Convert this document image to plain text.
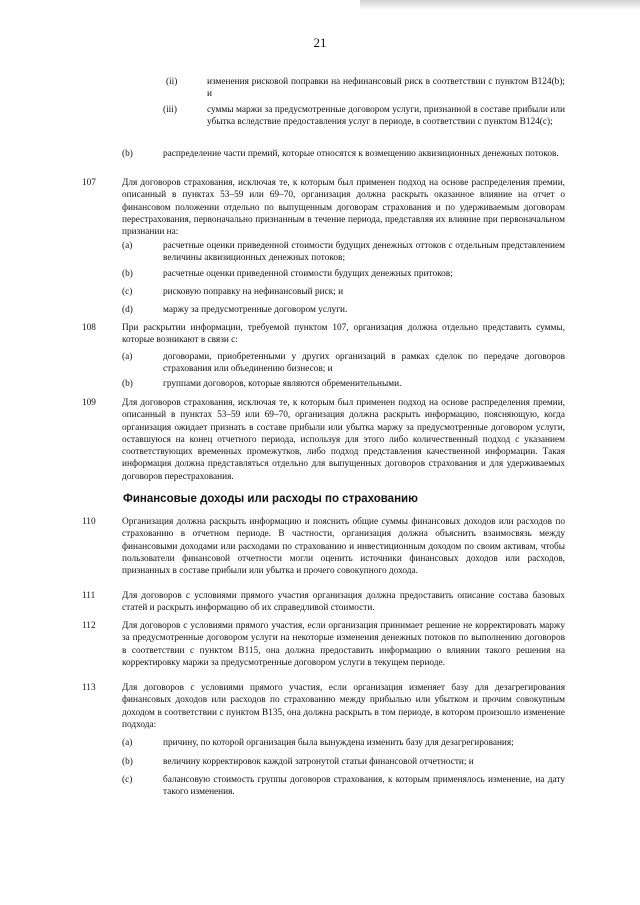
21
(ii)	изменения рисковой поправки на нефинансовый риск в соответствии с пунктом B124(b); и
(iii)	суммы маржи за предусмотренные договором услуги, признанной в составе прибыли или убытка вследствие предоставления услуг в периоде, в соответствии с пунктом B124(c);
(b)	распределение части премий, которые относятся к возмещению аквизиционных денежных потоков.
107	Для договоров страхования, исключая те, к которым был применен подход на основе распределения премии, описанный в пунктах 53–59 или 69–70, организация должна раскрыть оказанное влияние на отчет о финансовом положении отдельно по выпущенным договорам страхования и по удерживаемым договорам перестрахования, первоначально признанным в течение периода, представляя их влияние при первоначальном признании на:
(a)	расчетные оценки приведенной стоимости будущих денежных оттоков с отдельным представлением величины аквизиционных денежных потоков;
(b)	расчетные оценки приведенной стоимости будущих денежных притоков;
(c)	рисковую поправку на нефинансовый риск; и
(d)	маржу за предусмотренные договором услуги.
108	При раскрытии информации, требуемой пунктом 107, организация должна отдельно представить суммы, которые возникают в связи с:
(a)	договорами, приобретенными у других организаций в рамках сделок по передаче договоров страхования или объединению бизнесов; и
(b)	группами договоров, которые являются обременительными.
109	Для договоров страхования, исключая те, к которым был применен подход на основе распределения премии, описанный в пунктах 53–59 или 69–70, организация должна раскрыть информацию, поясняющую, когда организация ожидает признать в составе прибыли или убытка маржу за предусмотренные договором услуги, оставшуюся на конец отчетного периода, используя для этого либо количественный подход с указанием соответствующих временных промежутков, либо подход представления качественной информации. Такая информация должна представляться отдельно для выпущенных договоров страхования и для удерживаемых договоров перестрахования.
Финансовые доходы или расходы по страхованию
110	Организация должна раскрыть информацию и пояснить общие суммы финансовых доходов или расходов по страхованию в отчетном периоде. В частности, организация должна объяснить взаимосвязь между финансовыми доходами или расходами по страхованию и инвестиционным доходом по своим активам, чтобы пользователи финансовой отчетности могли оценить источники финансовых доходов или расходов, признанных в составе прибыли или убытка и прочего совокупного дохода.
111	Для договоров с условиями прямого участия организация должна предоставить описание состава базовых статей и раскрыть информацию об их справедливой стоимости.
112	Для договоров с условиями прямого участия, если организация принимает решение не корректировать маржу за предусмотренные договором услуги на некоторые изменения денежных потоков по выполнению договоров в соответствии с пунктом B115, она должна предоставить информацию о влиянии такого решения на корректировку маржи за предусмотренные договором услуги в текущем периоде.
113	Для договоров с условиями прямого участия, если организация изменяет базу для дезагрегирования финансовых доходов или расходов по страхованию между прибылью или убытком и прочим совокупным доходом в соответствии с пунктом B135, она должна раскрыть в том периоде, в котором произошло изменение подхода:
(a)	причину, по которой организация была вынуждена изменить базу для дезагрегирования;
(b)	величину корректировок каждой затронутой статьи финансовой отчетности; и
(c)	балансовую стоимость группы договоров страхования, к которым применялось изменение, на дату такого изменения.
